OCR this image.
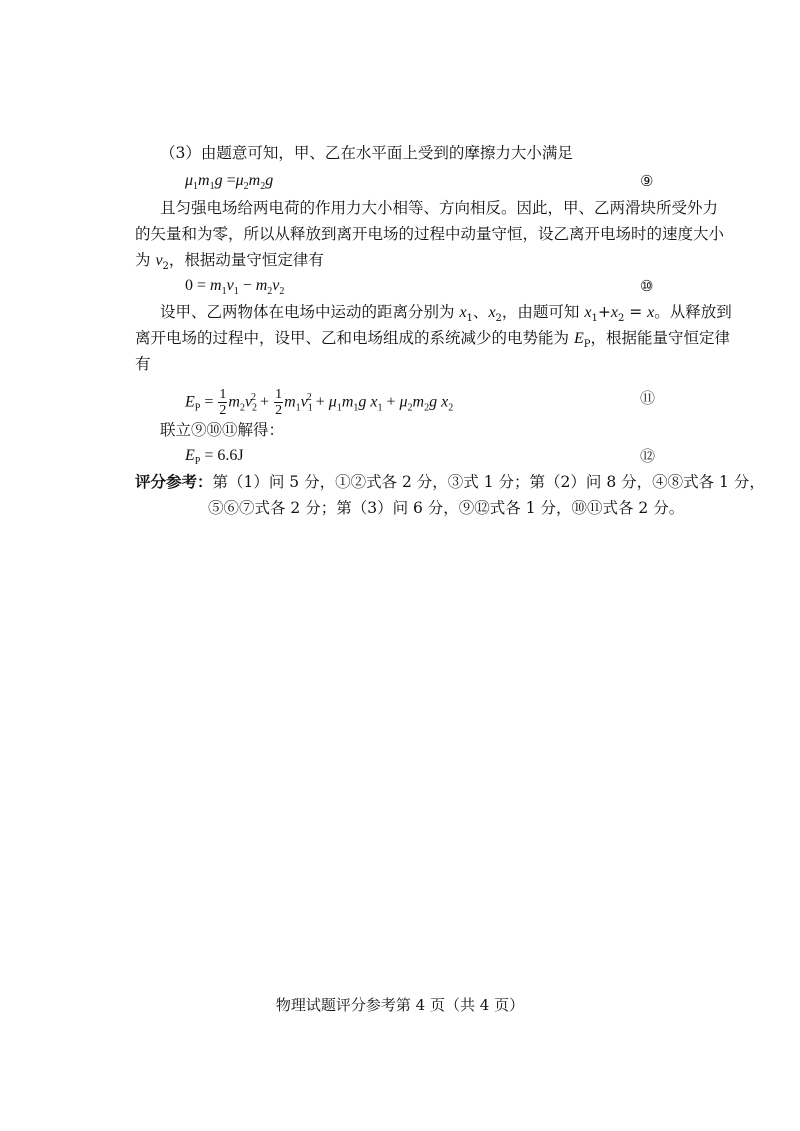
（3）由题意可知，甲、乙在水平面上受到的摩擦力大小满足
$\mu_1m_1g =\mu_2m_2g$	⑨
且匀强电场给两电荷的作用力大小相等、方向相反。因此，甲、乙两滑块所受外力
的矢量和为零，所以从释放到离开电场的过程中动量守恒，设乙离开电场时的速度大小
为 $v_2$，根据动量守恒定律有
$0 = m_1v_1 - m_2v_2$	⑩
设甲、乙两物体在电场中运动的距离分别为 $x_1$、$x_2$，由题可知 $x_1+x_2 = x$。从释放到
离开电场的过程中，设甲、乙和电场组成的系统减少的电势能为 $E_P$，根据能量守恒定律
有
$E_P = \frac{1}{2} m_2v_2^2 + \frac{1}{2} m_1v_1^2 + \mu_1m_1g$ $x_1 + \mu_2m_2g$ $x_2$
⑪
联立⑨⑩⑪解得：
$E_P = 6.6J$	⑫
评分参考：第（1）问 5 分，①②式各 2 分，③式 1 分；第（2）问 8 分，④⑧式各 1 分，
⑤⑥⑦式各 2 分；第（3）问 6 分，⑨⑫式各 1 分，⑩⑪式各 2 分。
物理试题评分参考第 4 页（共 4 页）
